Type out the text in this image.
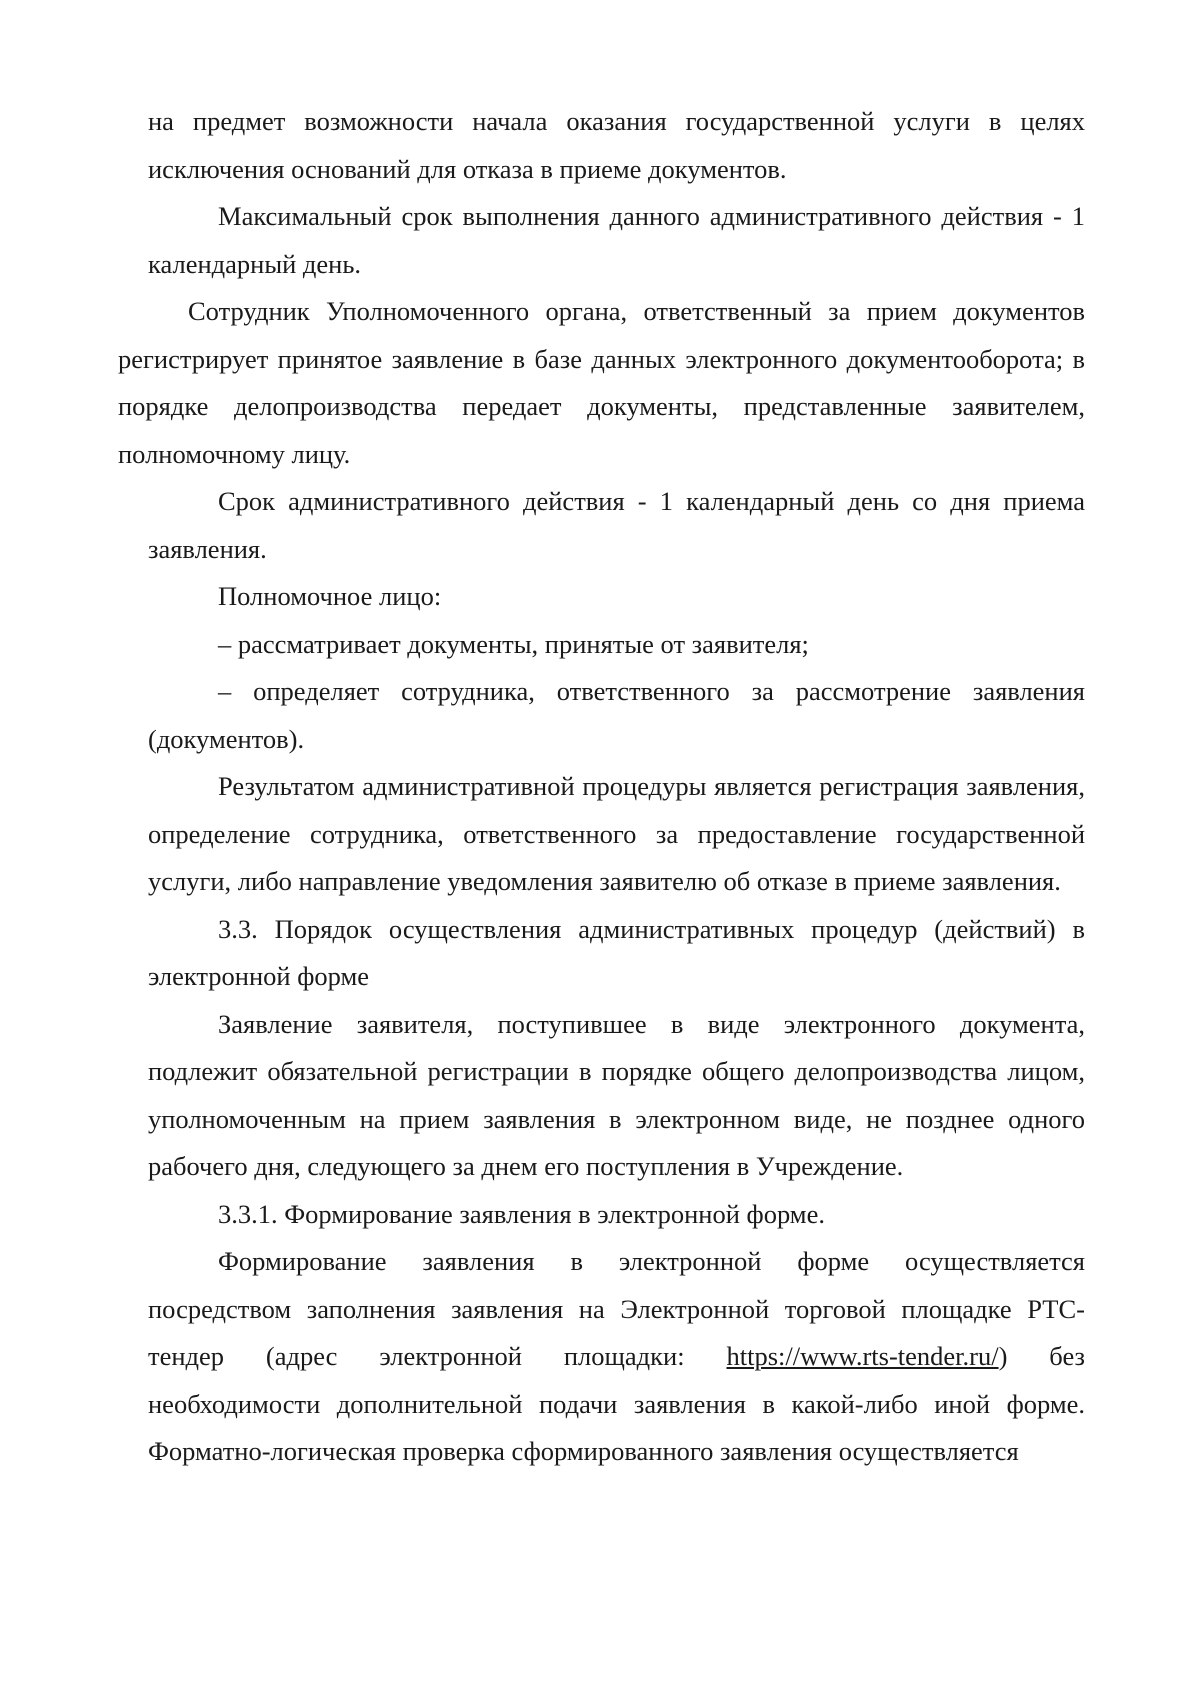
на предмет возможности начала оказания государственной услуги в целях исключения оснований для отказа в приеме документов.

Максимальный срок выполнения данного административного действия - 1 календарный день.

Сотрудник Уполномоченного органа, ответственный за прием документов регистрирует принятое заявление в базе данных электронного документооборота; в порядке делопроизводства передает документы, представленные заявителем, полномочному лицу.

Срок административного действия - 1 календарный день со дня приема заявления.

Полномочное лицо:

– рассматривает документы, принятые от заявителя;

– определяет сотрудника, ответственного за рассмотрение заявления (документов).

Результатом административной процедуры является регистрация заявления, определение сотрудника, ответственного за предоставление государственной услуги, либо направление уведомления заявителю об отказе в приеме заявления.

3.3. Порядок осуществления административных процедур (действий) в электронной форме

Заявление заявителя, поступившее в виде электронного документа, подлежит обязательной регистрации в порядке общего делопроизводства лицом, уполномоченным на прием заявления в электронном виде, не позднее одного рабочего дня, следующего за днем его поступления в Учреждение.

3.3.1. Формирование заявления в электронной форме.

Формирование заявления в электронной форме осуществляется посредством заполнения заявления на Электронной торговой площадке РТС-тендер (адрес электронной площадки: https://www.rts-tender.ru/) без необходимости дополнительной подачи заявления в какой-либо иной форме. Форматно-логическая проверка сформированного заявления осуществляется
